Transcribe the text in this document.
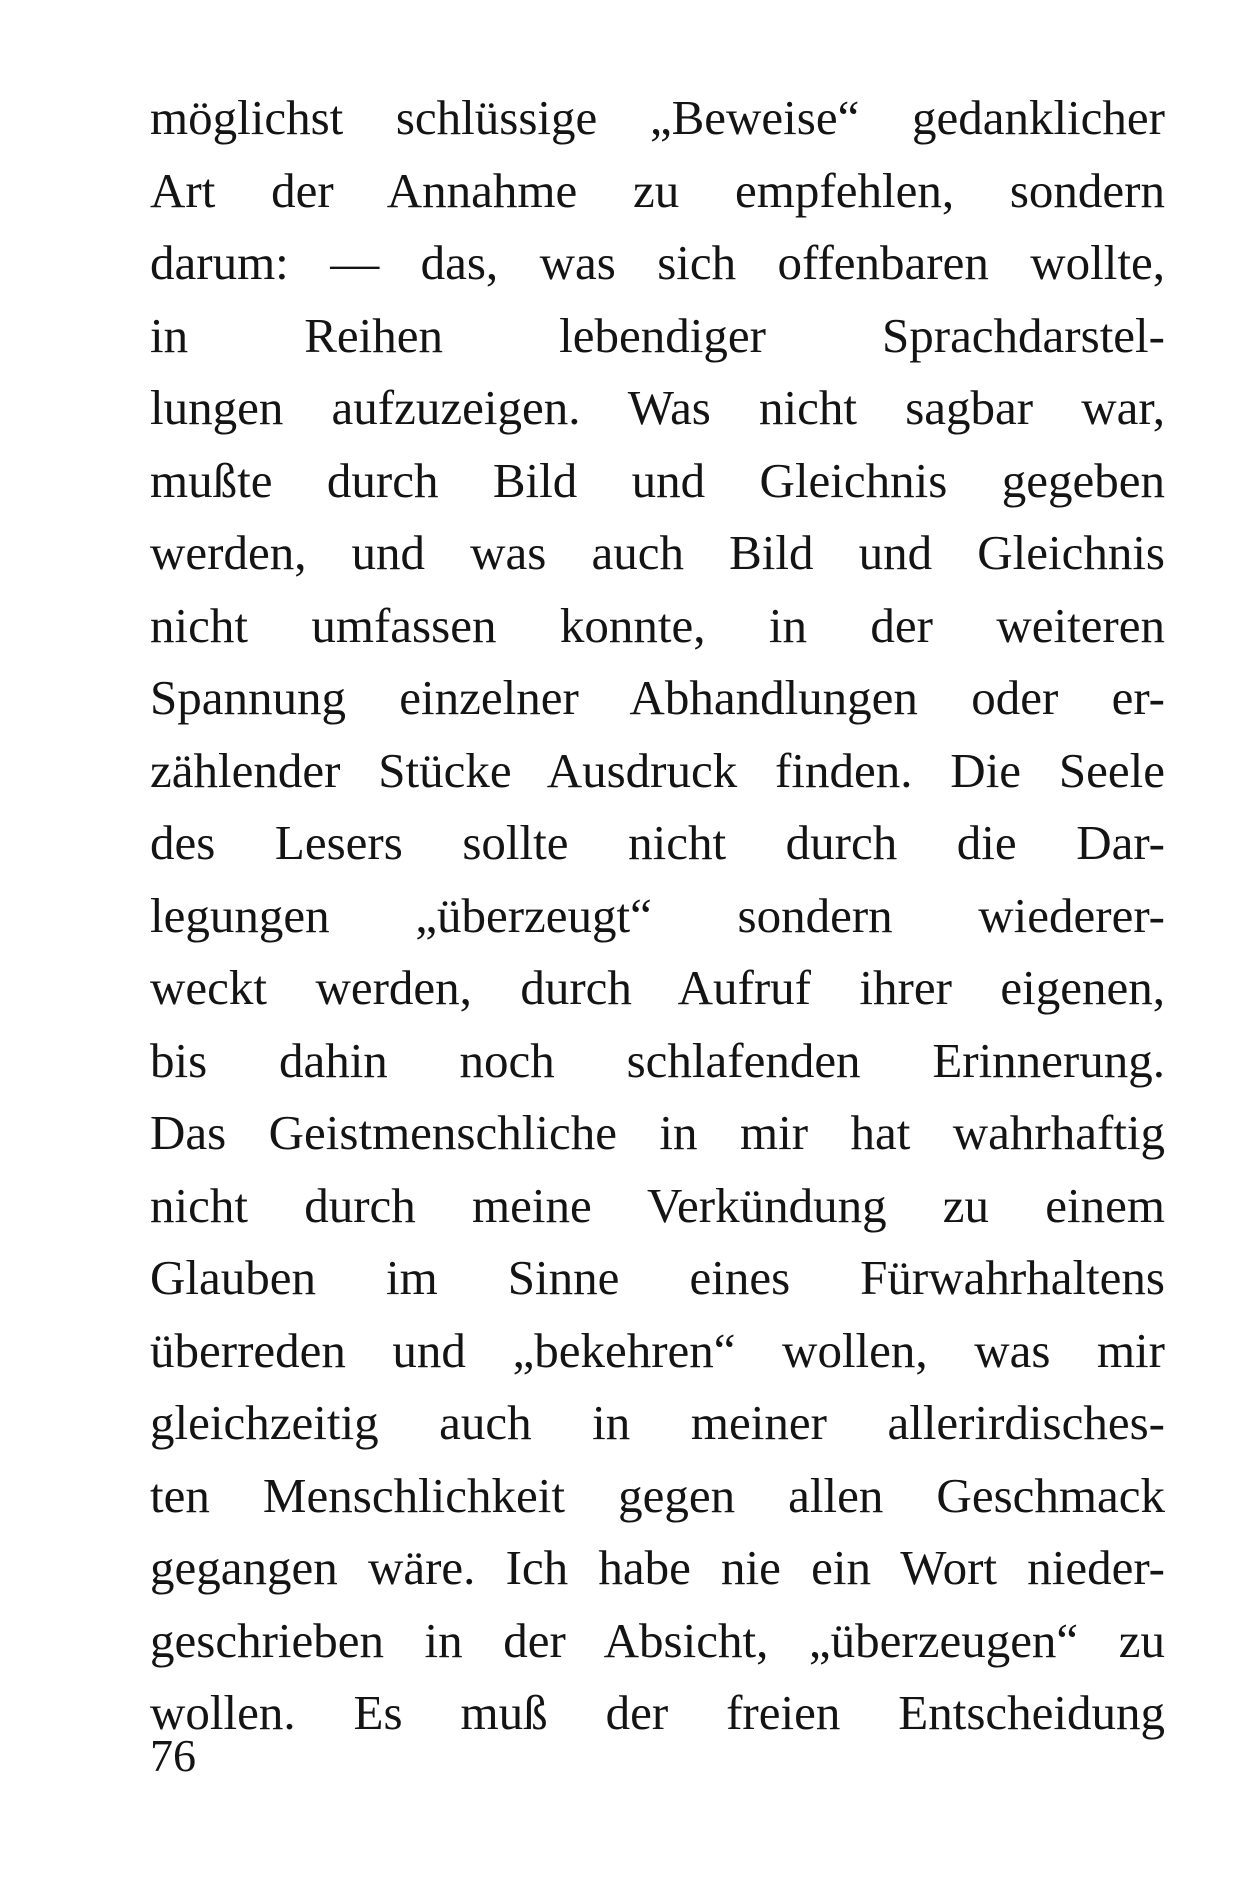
möglichst schlüssige „Beweise“ gedanklicher
Art der Annahme zu empfehlen, sondern
darum: — das, was sich offenbaren wollte,
in Reihen lebendiger Sprachdarstel-
lungen aufzuzeigen. Was nicht sagbar war,
mußte durch Bild und Gleichnis gegeben
werden, und was auch Bild und Gleichnis
nicht umfassen konnte, in der weiteren
Spannung einzelner Abhandlungen oder er-
zählender Stücke Ausdruck finden. Die Seele
des Lesers sollte nicht durch die Dar-
legungen „überzeugt“ sondern wiederer-
weckt werden, durch Aufruf ihrer eigenen,
bis dahin noch schlafenden Erinnerung.
Das Geistmenschliche in mir hat wahrhaftig
nicht durch meine Verkündung zu einem
Glauben im Sinne eines Fürwahrhaltens
überreden und „bekehren“ wollen, was mir
gleichzeitig auch in meiner allerirdisches-
ten Menschlichkeit gegen allen Geschmack
gegangen wäre. Ich habe nie ein Wort nieder-
geschrieben in der Absicht, „überzeugen“ zu
wollen. Es muß der freien Entscheidung
76
